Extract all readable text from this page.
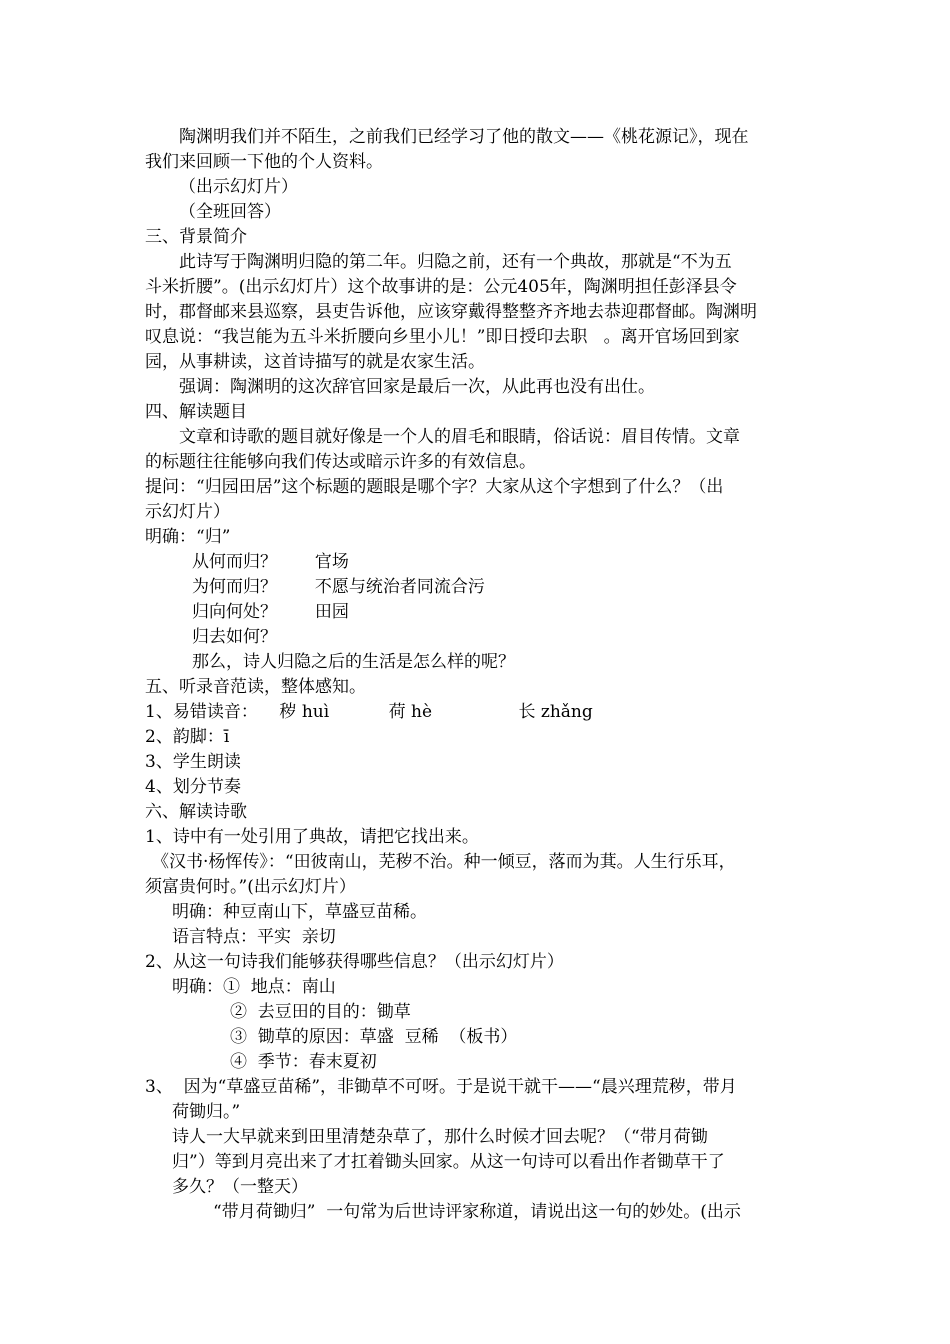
陶渊明我们并不陌生，之前我们已经学习了他的散文——《桃花源记》，现在
我们来回顾一下他的个人资料。
（出示幻灯片）
（全班回答）
三、背景简介
此诗写于陶渊明归隐的第二年。归隐之前，还有一个典故，那就是“不为五
斗米折腰”。(出示幻灯片）这个故事讲的是：公元405年，陶渊明担任彭泽县令
时，郡督邮来县巡察，县吏告诉他，应该穿戴得整整齐齐地去恭迎郡督邮。陶渊明
叹息说：“我岂能为五斗米折腰向乡里小儿！”即日授印去职   。离开官场回到家
园，从事耕读，这首诗描写的就是农家生活。
强调：陶渊明的这次辞官回家是最后一次，从此再也没有出仕。
四、解读题目
文章和诗歌的题目就好像是一个人的眉毛和眼睛，俗话说：眉目传情。文章
的标题往往能够向我们传达或暗示许多的有效信息。
提问：“归园田居”这个标题的题眼是哪个字？大家从这个字想到了什么？（出
示幻灯片）
明确：“归”
从何而归？       官场
为何而归？       不愿与统治者同流合污
归向何处？       田园
归去如何？
那么，诗人归隐之后的生活是怎么样的呢？
五、听录音范读，整体感知。
1、易错读音：    秽 huì           荷 hè                长 zhǎng
2、韵脚：ī
3、学生朗读
4、划分节奏
六、解读诗歌
1、诗中有一处引用了典故，请把它找出来。
《汉书·杨恽传》：“田彼南山，芜秽不治。种一倾豆，落而为萁。人生行乐耳，
须富贵何时。”(出示幻灯片）
明确：种豆南山下，草盛豆苗稀。
语言特点：平实  亲切
2、从这一句诗我们能够获得哪些信息？（出示幻灯片）
明确：①  地点：南山
②  去豆田的目的：锄草
③  锄草的原因：草盛  豆稀  （板书）
④  季节：春末夏初
3、  因为“草盛豆苗稀”，非锄草不可呀。于是说干就干——“晨兴理荒秽，带月
荷锄归。”
诗人一大早就来到田里清楚杂草了，那什么时候才回去呢？（“带月荷锄
归”）等到月亮出来了才扛着锄头回家。从这一句诗可以看出作者锄草干了
多久？（一整天）
“带月荷锄归”  一句常为后世诗评家称道，请说出这一句的妙处。(出示
